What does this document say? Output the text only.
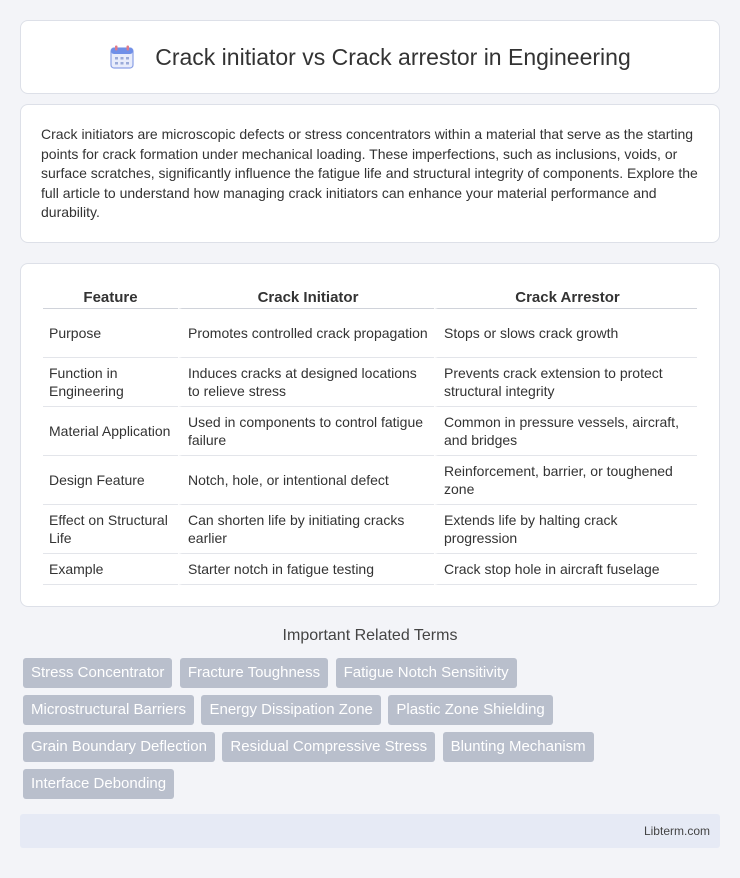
Crack initiator vs Crack arrestor in Engineering

Crack initiators are microscopic defects or stress concentrators within a material that serve as the starting points for crack formation under mechanical loading. These imperfections, such as inclusions, voids, or surface scratches, significantly influence the fatigue life and structural integrity of components. Explore the full article to understand how managing crack initiators can enhance your material performance and durability.

Feature	Crack Initiator	Crack Arrestor
Purpose	Promotes controlled crack propagation	Stops or slows crack growth
Function in Engineering	Induces cracks at designed locations to relieve stress	Prevents crack extension to protect structural integrity
Material Application	Used in components to control fatigue failure	Common in pressure vessels, aircraft, and bridges
Design Feature	Notch, hole, or intentional defect	Reinforcement, barrier, or toughened zone
Effect on Structural Life	Can shorten life by initiating cracks earlier	Extends life by halting crack progression
Example	Starter notch in fatigue testing	Crack stop hole in aircraft fuselage
Important Related Terms
Stress Concentrator Fracture Toughness Fatigue Notch Sensitivity
Microstructural Barriers Energy Dissipation Zone Plastic Zone Shielding
Grain Boundary Deflection Residual Compressive Stress Blunting Mechanism
Interface Debonding
Libterm.com
